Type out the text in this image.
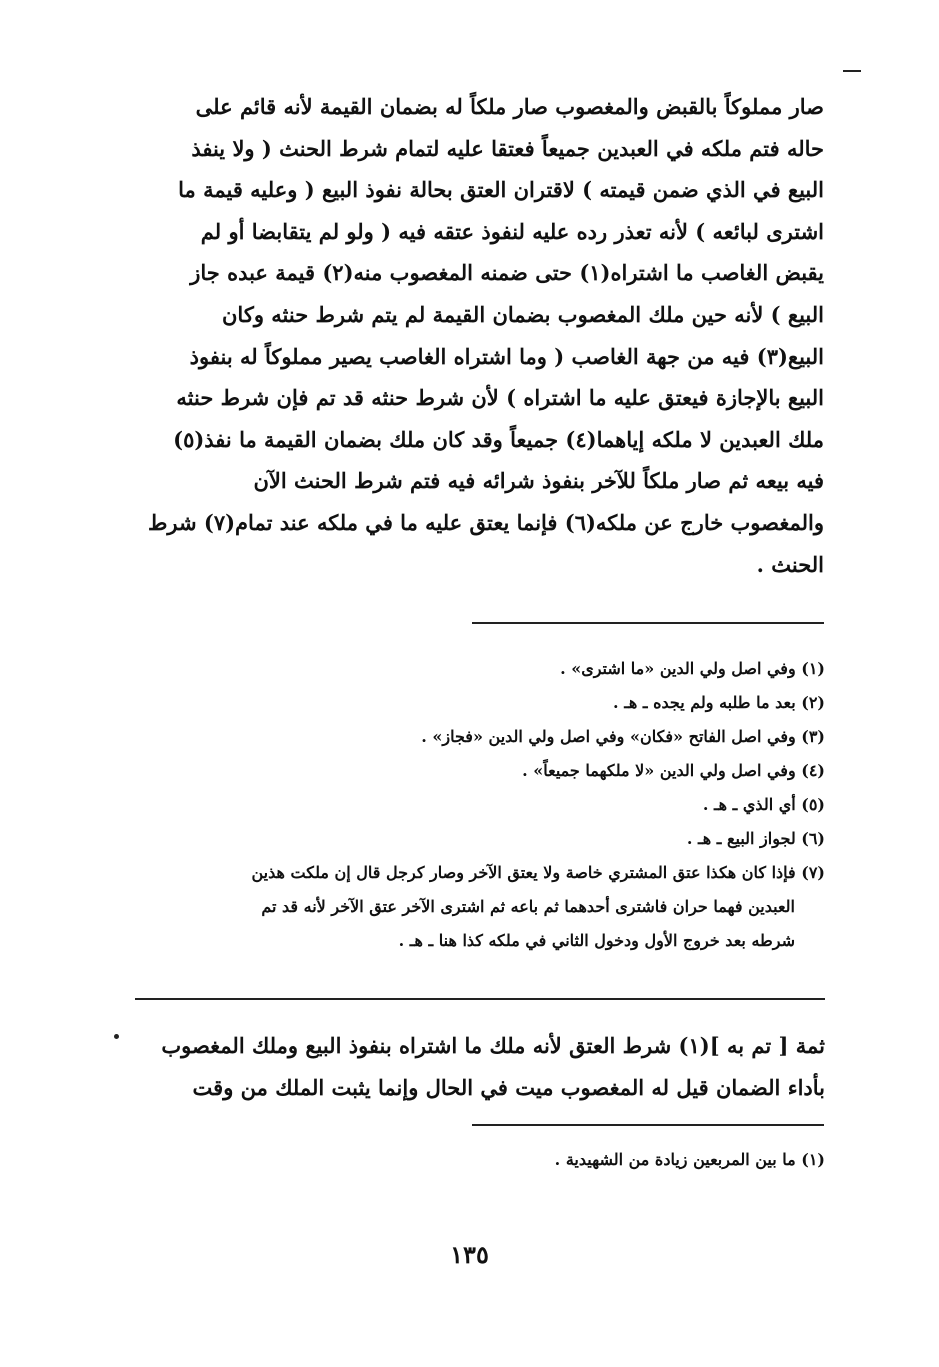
صار مملوكاً بالقبض والمغصوب صار ملكاً له بضمان القيمة لأنه قائم على
حاله فتم ملكه في العبدين جميعاً فعتقا عليه لتمام شرط الحنث ( ولا ينفذ
البيع في الذي ضمن قيمته ) لاقتران العتق بحالة نفوذ البيع ( وعليه قيمة ما
اشترى لبائعه ) لأنه تعذر رده عليه لنفوذ عتقه فيه ( ولو لم يتقابضا أو لم
يقبض الغاصب ما اشتراه(١) حتى ضمنه المغصوب منه(٢) قيمة عبده جاز
البيع ) لأنه حين ملك المغصوب بضمان القيمة لم يتم شرط حنثه وكان
البيع(٣) فيه من جهة الغاصب ( وما اشتراه الغاصب يصير مملوكاً له بنفوذ
البيع بالإجازة فيعتق عليه ما اشتراه ) لأن شرط حنثه قد تم فإن شرط حنثه
ملك العبدين لا ملكه إياهما(٤) جميعاً وقد كان ملك بضمان القيمة ما نفذ(٥)
فيه بيعه ثم صار ملكاً للآخر بنفوذ شرائه فيه فتم شرط الحنث الآن
والمغصوب خارج عن ملكه(٦) فإنما يعتق عليه ما في ملكه عند تمام(٧) شرط
الحنث .
(١) وفي اصل ولي الدين «ما اشترى» .
(٢) بعد ما طلبه ولم يجده ـ هـ .
(٣) وفي اصل الفاتح «فكان» وفي اصل ولي الدين «فجاز» .
(٤) وفي اصل ولي الدين «لا ملكهما جميعاً» .
(٥) أي الذي ـ هـ .
(٦) لجواز البيع ـ هـ .
(٧) فإذا كان هكذا عتق المشتري خاصة ولا يعتق الآخر وصار كرجل قال إن ملكت هذين
العبدين فهما حران فاشترى أحدهما ثم باعه ثم اشترى الآخر عتق الآخر لأنه قد تم
شرطه بعد خروج الأول ودخول الثاني في ملكه كذا هنا ـ هـ .
ثمة [ تم به ](١) شرط العتق لأنه ملك ما اشتراه بنفوذ البيع وملك المغصوب
بأداء الضمان قيل له المغصوب ميت في الحال وإنما يثبت الملك من وقت
(١) ما بين المربعين زيادة من الشهيدية .
١٣٥
